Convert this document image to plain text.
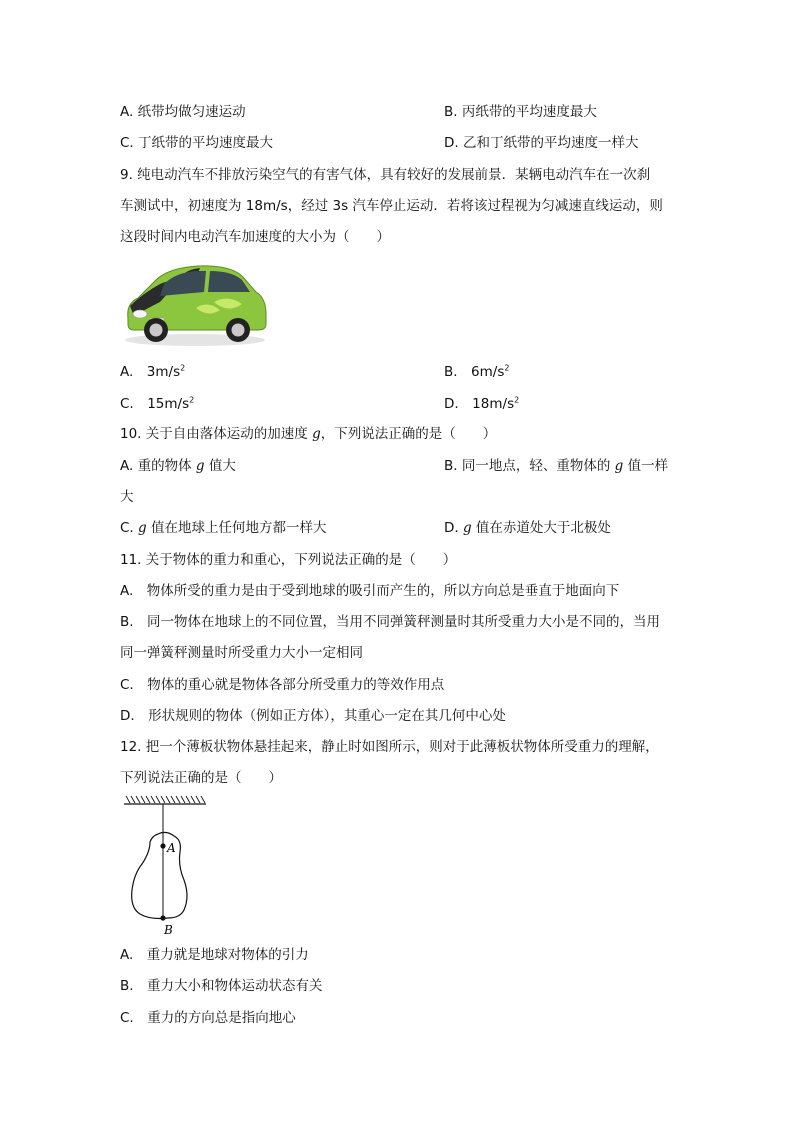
A. 纸带均做匀速运动	B. 丙纸带的平均速度最大
C. 丁纸带的平均速度最大	D. 乙和丁纸带的平均速度一样大
9. 纯电动汽车不排放污染空气的有害气体，具有较好的发展前景．某辆电动汽车在一次刹
车测试中，初速度为 18m/s，经过 3s 汽车停止运动．若将该过程视为匀减速直线运动，则
这段时间内电动汽车加速度的大小为（　　）
A.　$3m/s^2$	B.　$6m/s^2$
C.　$15m/s^2$	D.　$18m/s^2$
10. 关于自由落体运动的加速度 g，下列说法正确的是（　　）
A. 重的物体 g 值大	B. 同一地点，轻、重物体的 g 值一样
大
C. g 值在地球上任何地方都一样大	D. g 值在赤道处大于北极处
11. 关于物体的重力和重心，下列说法正确的是（　　）
A.　物体所受的重力是由于受到地球的吸引而产生的，所以方向总是垂直于地面向下
B.　同一物体在地球上的不同位置，当用不同弹簧秤测量时其所受重力大小是不同的，当用
同一弹簧秤测量时所受重力大小一定相同
C.　物体的重心就是物体各部分所受重力的等效作用点
D.　形状规则的物体（例如正方体），其重心一定在其几何中心处
12. 把一个薄板状物体悬挂起来，静止时如图所示，则对于此薄板状物体所受重力的理解，
下列说法正确的是（　　）
A
B
A.　重力就是地球对物体的引力
B.　重力大小和物体运动状态有关
C.　重力的方向总是指向地心
